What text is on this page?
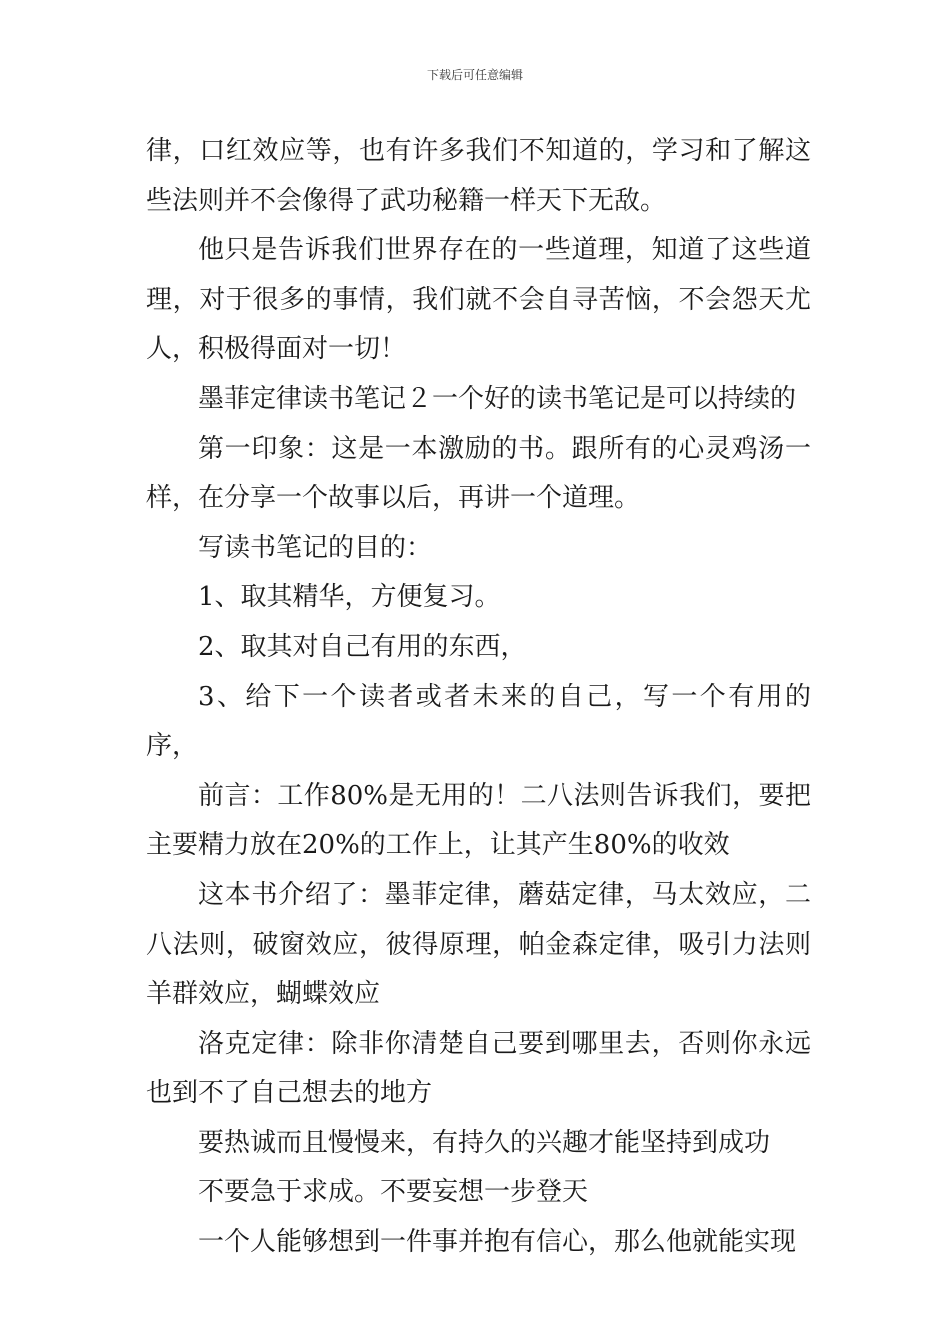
下载后可任意编辑

律，口红效应等，也有许多我们不知道的，学习和了解这些法则并不会像得了武功秘籍一样天下无敌。

他只是告诉我们世界存在的一些道理，知道了这些道理，对于很多的事情，我们就不会自寻苦恼，不会怨天尤人，积极得面对一切！

墨菲定律读书笔记２一个好的读书笔记是可以持续的

第一印象：这是一本激励的书。跟所有的心灵鸡汤一样，在分享一个故事以后，再讲一个道理。

写读书笔记的目的：

1、取其精华，方便复习。

2、取其对自己有用的东西，

3、给下一个读者或者未来的自己，写一个有用的序，

前言：工作80%是无用的！二八法则告诉我们，要把主要精力放在20%的工作上，让其产生80%的收效

这本书介绍了：墨菲定律，蘑菇定律，马太效应，二八法则，破窗效应，彼得原理，帕金森定律，吸引力法则羊群效应，蝴蝶效应

洛克定律：除非你清楚自己要到哪里去，否则你永远也到不了自己想去的地方

要热诚而且慢慢来，有持久的兴趣才能坚持到成功

不要急于求成。不要妄想一步登天

一个人能够想到一件事并抱有信心，那么他就能实现
